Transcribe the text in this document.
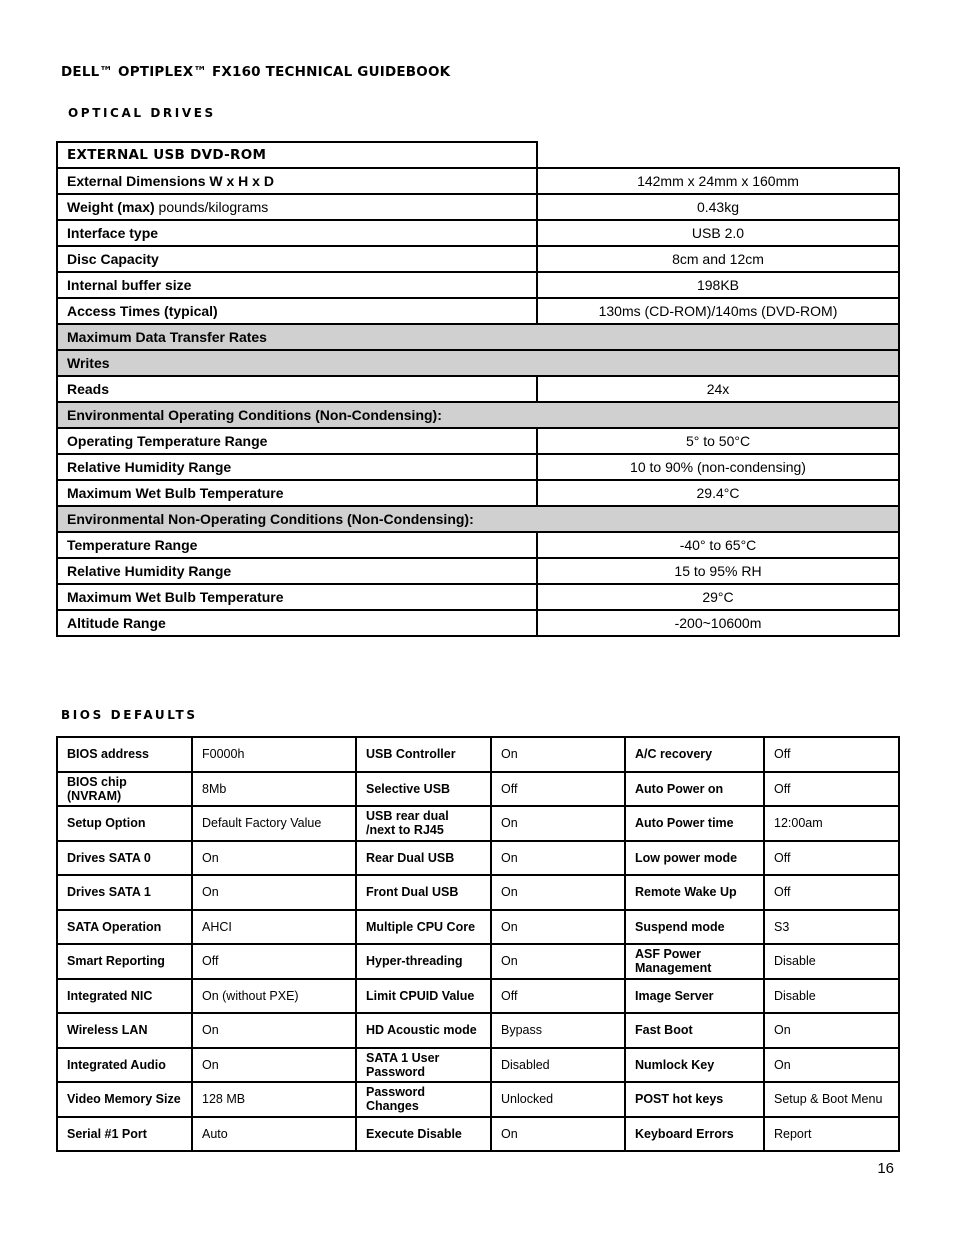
DELL™ OPTIPLEX™ FX160 TECHNICAL GUIDEBOOK
OPTICAL DRIVES
EXTERNAL USB DVD-ROM	
External Dimensions W x H x D	142mm x 24mm x 160mm
Weight (max) pounds/kilograms	0.43kg
Interface type	USB 2.0
Disc Capacity	8cm and 12cm
Internal buffer size	198KB
Access Times (typical)	130ms (CD-ROM)/140ms (DVD-ROM)
Maximum Data Transfer Rates	
Writes	
Reads	24x
Environmental Operating Conditions (Non-Condensing):	
Operating Temperature Range	5° to 50°C
Relative Humidity Range	10 to 90% (non-condensing)
Maximum Wet Bulb Temperature	29.4°C
Environmental Non-Operating Conditions (Non-Condensing):	
Temperature Range	-40° to 65°C
Relative Humidity Range	15 to 95% RH
Maximum Wet Bulb Temperature	29°C
Altitude Range	-200~10600m
BIOS DEFAULTS
BIOS address	F0000h	USB Controller	On	A/C recovery	Off
BIOS chip (NVRAM)	8Mb	Selective USB	Off	Auto Power on	Off
Setup Option	Default Factory Value	USB rear dual /next to RJ45	On	Auto Power time	12:00am
Drives SATA 0	On	Rear Dual USB	On	Low power mode	Off
Drives SATA 1	On	Front Dual USB	On	Remote Wake Up	Off
SATA Operation	AHCI	Multiple CPU Core	On	Suspend mode	S3
Smart Reporting	Off	Hyper-threading	On	ASF Power Management	Disable
Integrated NIC	On (without PXE)	Limit CPUID Value	Off	Image Server	Disable
Wireless LAN	On	HD Acoustic mode	Bypass	Fast Boot	On
Integrated Audio	On	SATA 1 User Password	Disabled	Numlock Key	On
Video Memory Size	128 MB	Password Changes	Unlocked	POST hot keys	Setup & Boot Menu
Serial #1 Port	Auto	Execute Disable	On	Keyboard Errors	Report
16
